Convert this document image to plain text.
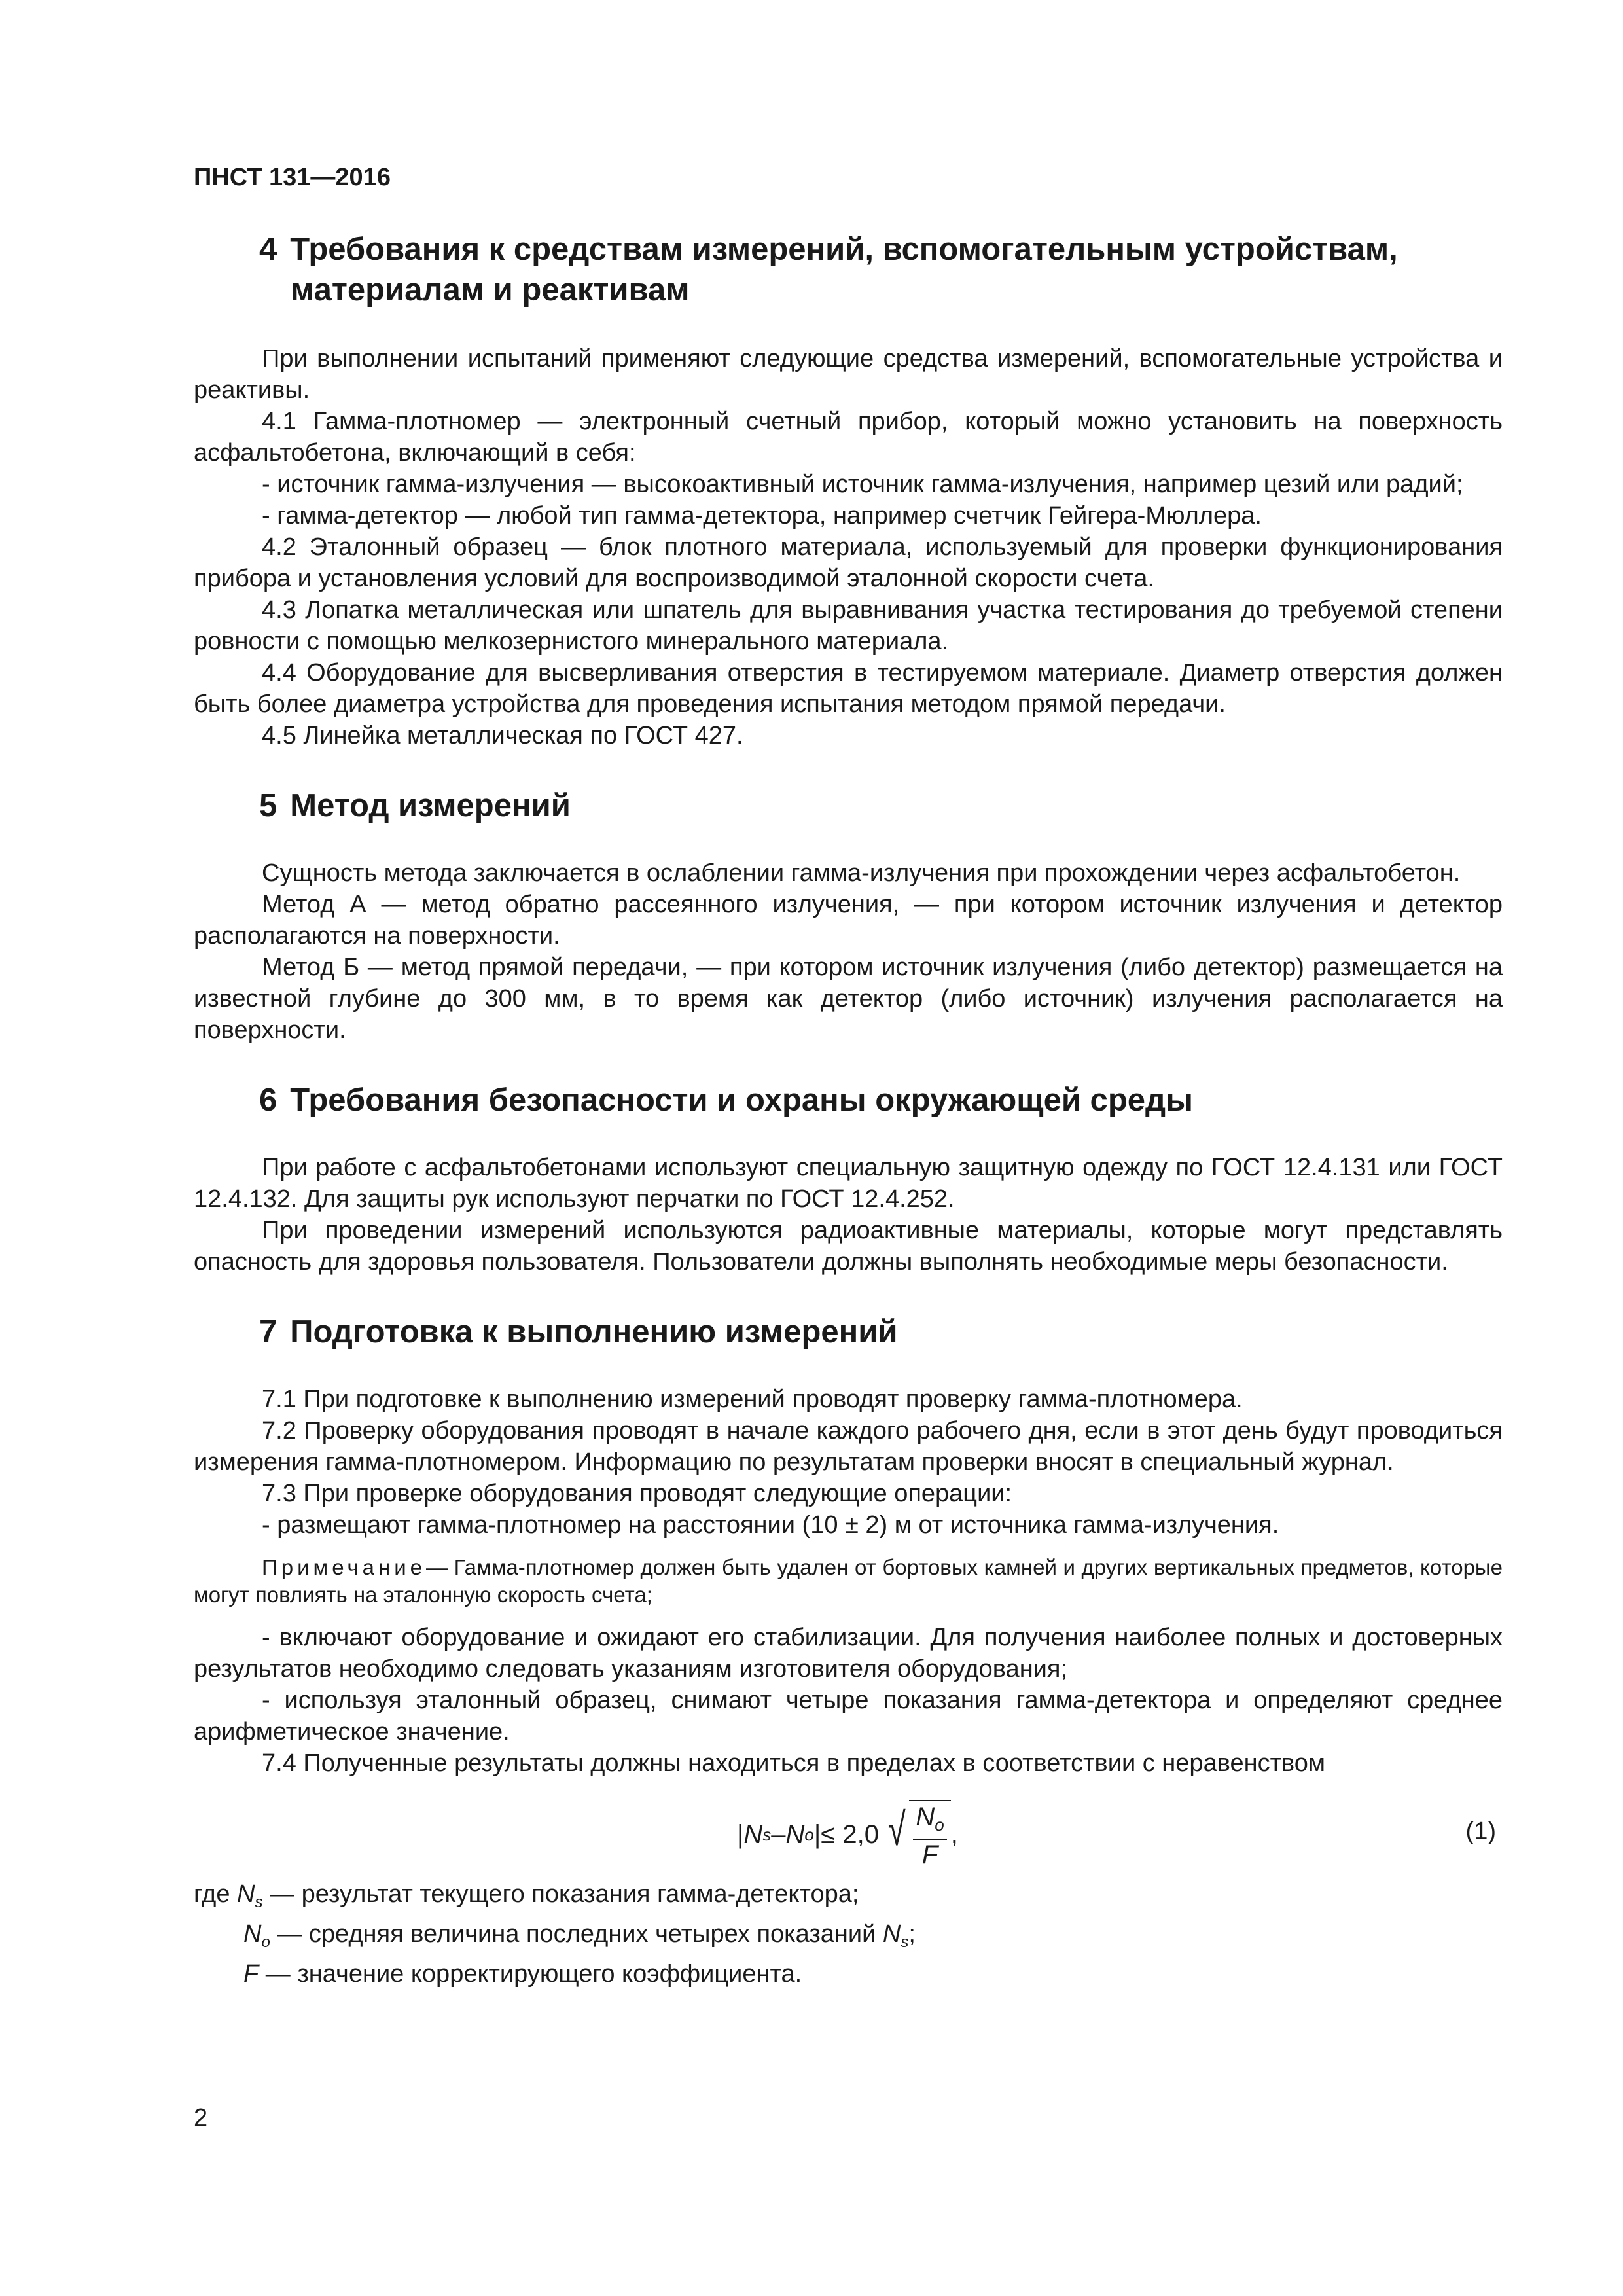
ПНСТ 131—2016
4 Требования к средствам измерений, вспомогательным устройствам,
материалам и реактивам

При выполнении испытаний применяют следующие средства измерений, вспомогательные устройства и реактивы.

4.1 Гамма-плотномер — электронный счетный прибор, который можно установить на поверхность асфальтобетона, включающий в себя:

- источник гамма-излучения — высокоактивный источник гамма-излучения, например цезий или радий;

- гамма-детектор — любой тип гамма-детектора, например счетчик Гейгера-Мюллера.

4.2 Эталонный образец — блок плотного материала, используемый для проверки функционирования прибора и установления условий для воспроизводимой эталонной скорости счета.

4.3 Лопатка металлическая или шпатель для выравнивания участка тестирования до требуемой степени ровности с помощью мелкозернистого минерального материала.

4.4 Оборудование для высверливания отверстия в тестируемом материале. Диаметр отверстия должен быть более диаметра устройства для проведения испытания методом прямой передачи.

4.5 Линейка металлическая по ГОСТ 427.

5 Метод измерений

Сущность метода заключается в ослаблении гамма-излучения при прохождении через асфальтобетон.

Метод А — метод обратно рассеянного излучения, — при котором источник излучения и детектор располагаются на поверхности.

Метод Б — метод прямой передачи, — при котором источник излучения (либо детектор) размещается на известной глубине до 300 мм, в то время как детектор (либо источник) излучения располагается на поверхности.

6 Требования безопасности и охраны окружающей среды

При работе с асфальтобетонами используют специальную защитную одежду по ГОСТ 12.4.131 или ГОСТ 12.4.132. Для защиты рук используют перчатки по ГОСТ 12.4.252.

При проведении измерений используются радиоактивные материалы, которые могут представлять опасность для здоровья пользователя. Пользователи должны выполнять необходимые меры безопасности.

7 Подготовка к выполнению измерений

7.1 При подготовке к выполнению измерений проводят проверку гамма-плотномера.

7.2 Проверку оборудования проводят в начале каждого рабочего дня, если в этот день будут проводиться измерения гамма-плотномером. Информацию по результатам проверки вносят в специальный журнал.

7.3 При проверке оборудования проводят следующие операции:

- размещают гамма-плотномер на расстоянии (10 ± 2) м от источника гамма-излучения.

Примечание— Гамма-плотномер должен быть удален от бортовых камней и других вертикальных предметов, которые могут повлиять на эталонную скорость счета;

- включают оборудование и ожидают его стабилизации. Для получения наиболее полных и достоверных результатов необходимо следовать указаниям изготовителя оборудования;

- используя эталонный образец, снимают четыре показания гамма-детектора и определяют среднее арифметическое значение.

7.4 Полученные результаты должны находиться в пределах в соответствии с неравенством

| N s – N o | ≤ 2,0 √ $\frac{N_o}{F}$ ,	(1)
где $N_s$ — результат текущего показания гамма-детектора;
$N_o$ — средняя величина последних четырех показаний $N_s$;
F — значение корректирующего коэффициента.
2
